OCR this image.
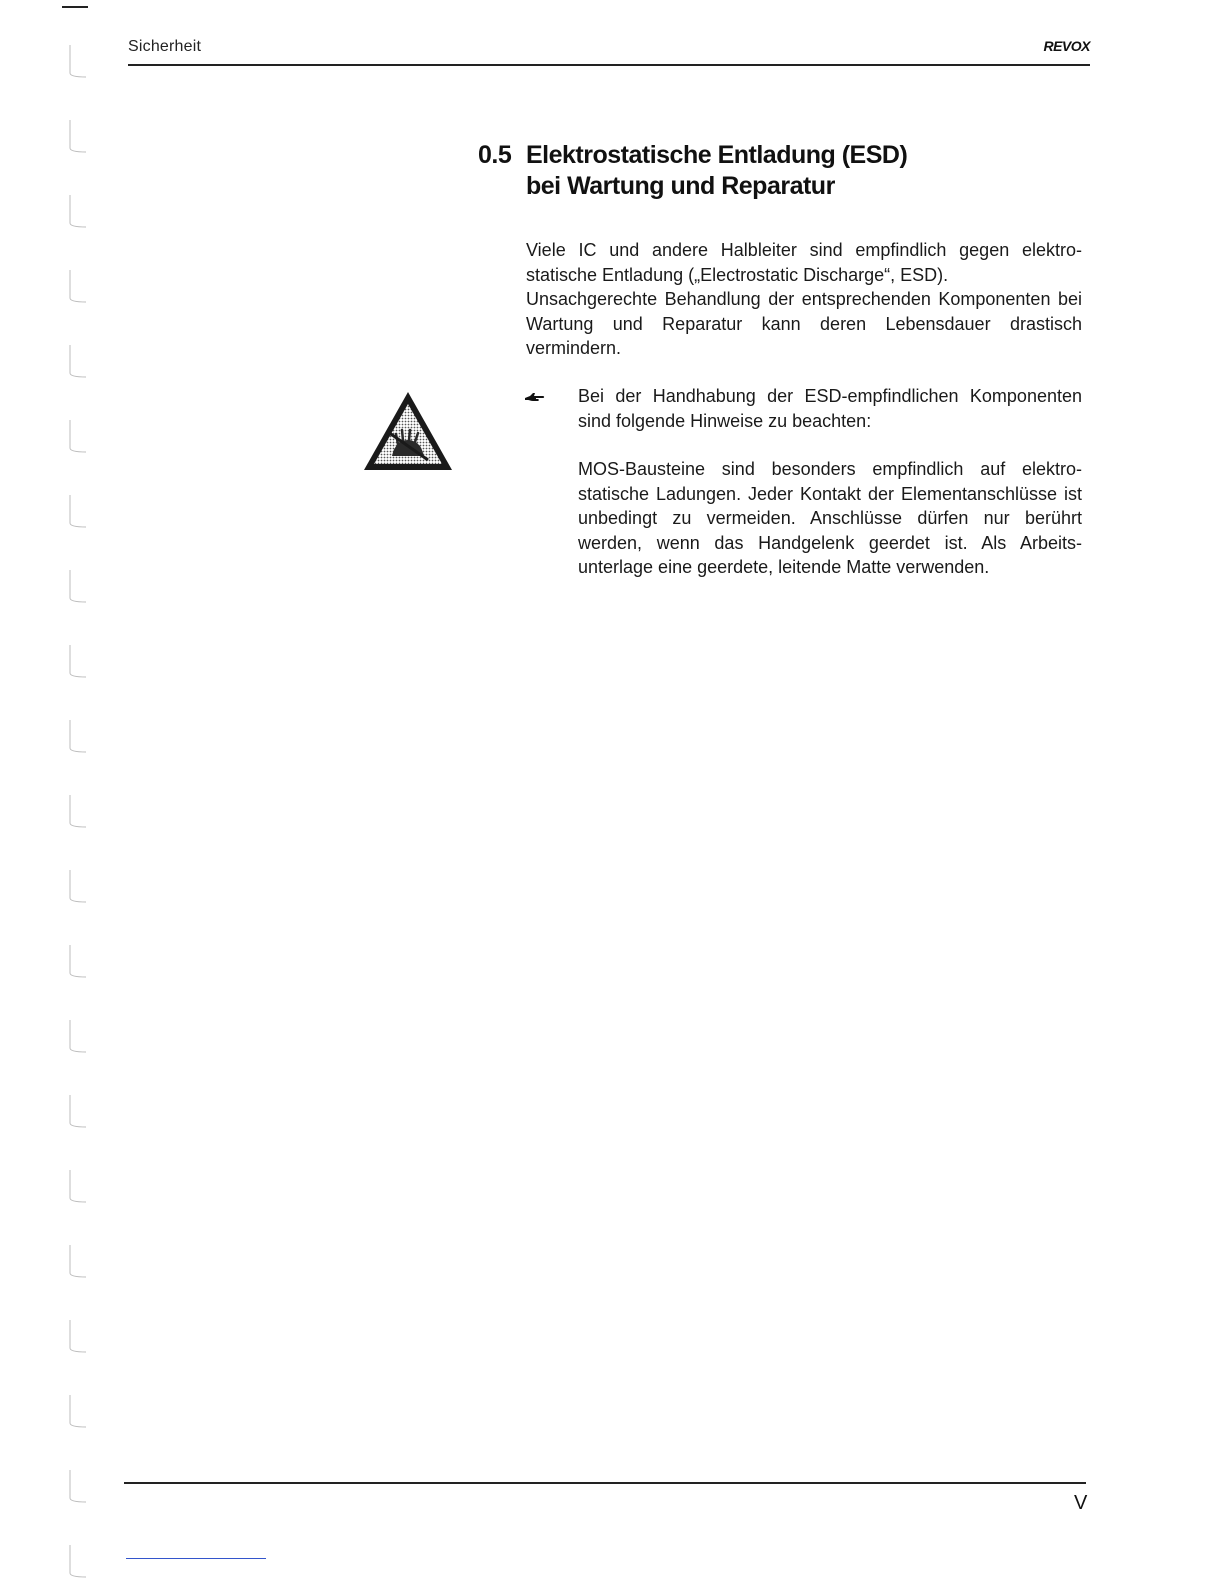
Sicherheit	REVOX
0.5 Elektrostatische Entladung (ESD)
bei Wartung und Reparatur

Viele IC und andere Halbleiter sind empfindlich gegen elektrostatische Entladung („Electrostatic Discharge“, ESD).

Unsachgerechte Behandlung der entsprechenden Komponenten bei Wartung und Reparatur kann deren Lebensdauer drastisch vermindern.

Bei der Handhabung der ESD-empfindlichen Komponenten sind folgende Hinweise zu beachten:

MOS-Bausteine sind besonders empfindlich auf elektrostatische Ladungen. Jeder Kontakt der Elementanschlüsse ist unbedingt zu vermeiden. Anschlüsse dürfen nur berührt werden, wenn das Handgelenk geerdet ist. Als Arbeitsunterlage eine geerdete, leitende Matte verwenden.

V
